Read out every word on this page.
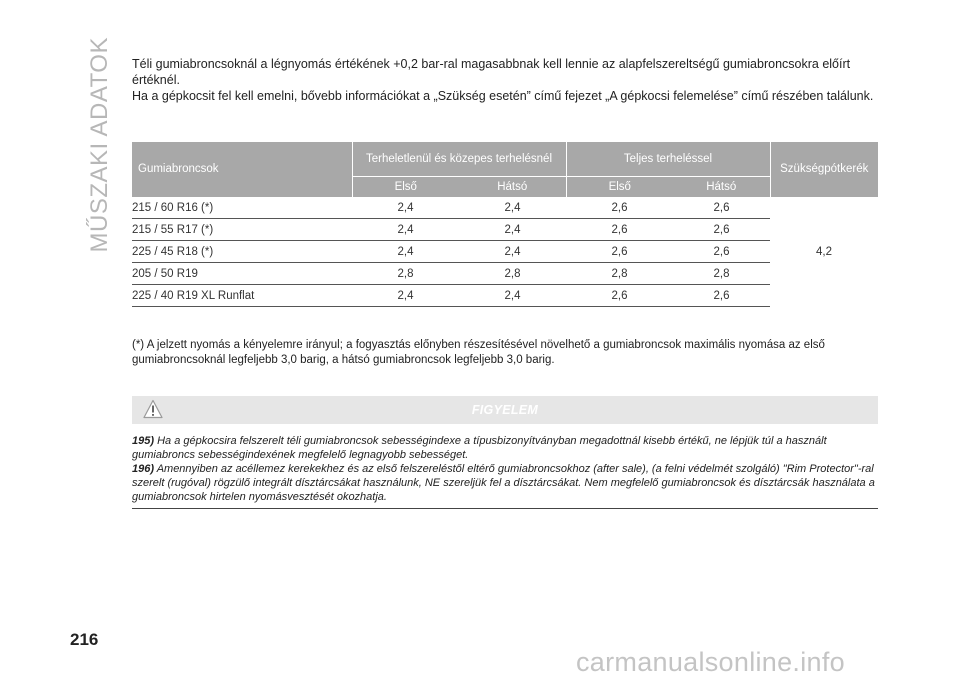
MŰSZAKI ADATOK Téli gumiabroncsoknál a légnyomás értékének +0,2 bar-ral magasabbnak kell lennie az alapfelszereltségű gumiabroncsokra előírt értéknél.

Ha a gépkocsit fel kell emelni, bővebb információkat a „Szükség esetén” című fejezet „A gépkocsi felemelése” című részében találunk.

Gumiabroncsok	Terheletlenül és közepes terhelésnél		Teljes terheléssel		Szükségpótkerék
	Első	Hátsó	Első	Hátsó	
215 / 60 R16 (*)	2,4	2,4	2,6	2,6	4,2
215 / 55 R17 (*)	2,4	2,4	2,6	2,6	
225 / 45 R18 (*)	2,4	2,4	2,6	2,6	
205 / 50 R19	2,8	2,8	2,8	2,8	
225 / 40 R19 XL Runflat	2,4	2,4	2,6	2,6	

(*) A jelzett nyomás a kényelemre irányul; a fogyasztás előnyben részesítésével növelhető a gumiabroncsok maximális nyomása az első gumiabroncsoknál legfeljebb 3,0 barig, a hátsó gumiabroncsok legfeljebb 3,0 barig.

FIGYELEM

195) Ha a gépkocsira felszerelt téli gumiabroncsok sebességindexe a típusbizonyítványban megadottnál kisebb értékű, ne lépjük túl a használt gumiabroncs sebességindexének megfelelő legnagyobb sebességet.

196) Amennyiben az acéllemez kerekekhez és az első felszereléstől eltérő gumiabroncsokhoz (after sale), (a felni védelmét szolgáló) "Rim Protector"-ral szerelt (rugóval) rögzülő integrált dísztárcsákat használunk, NE szereljük fel a dísztárcsákat. Nem megfelelő gumiabroncsok és dísztárcsák használata a gumiabroncsok hirtelen nyomásvesztését okozhatja.

216
carmanualsonline.info
